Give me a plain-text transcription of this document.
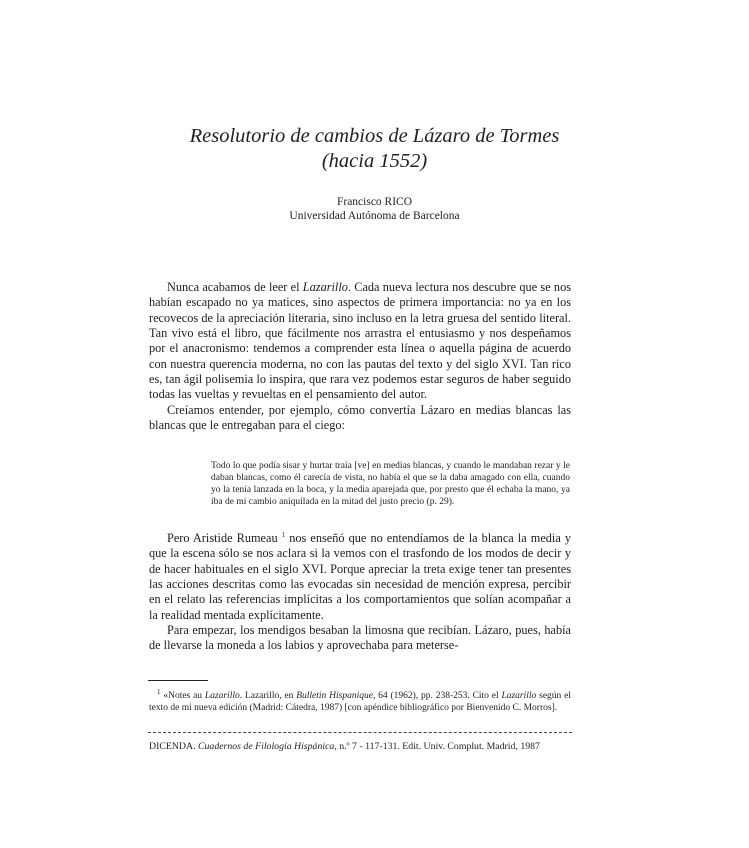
Resolutorio de cambios de Lázaro de Tormes
(hacia 1552)
Francisco RICO
Universidad Autónoma de Barcelona

Nunca acabamos de leer el Lazarillo. Cada nueva lectura nos descubre que se nos habían escapado no ya matices, sino aspectos de primera importancia: no ya en los recovecos de la apreciación literaria, sino incluso en la letra gruesa del sentido literal. Tan vivo está el libro, que fácilmente nos arrastra el entusiasmo y nos despeñamos por el anacronismo: tendemos a comprender esta línea o aquella página de acuerdo con nuestra querencia moderna, no con las pautas del texto y del siglo XVI. Tan rico es, tan ágil polisemia lo inspira, que rara vez podemos estar seguros de haber seguido todas las vueltas y revueltas en el pensamiento del autor.

Creíamos entender, por ejemplo, cómo convertía Lázaro en medias blancas las blancas que le entregaban para el ciego:

Todo lo que podía sisar y hurtar traía [ve] en medias blancas, y cuando le mandaban rezar y le daban blancas, como él carecía de vista, no había el que se la daba amagado con ella, cuando yo la tenía lanzada en la boca, y la media aparejada que, por presto que él echaba la mano, ya iba de mi cambio aniquilada en la mitad del justo precio (p. 29).

Pero Aristide Rumeau $^1$ nos enseñó que no entendíamos de la blanca la media y que la escena sólo se nos aclara si la vemos con el trasfondo de los modos de decir y de hacer habituales en el siglo XVI. Porque apreciar la treta exige tener tan presentes las acciones descritas como las evocadas sin necesidad de mención expresa, percibir en el relato las referencias implícitas a los comportamientos que solían acompañar a la realidad mentada explícitamente.

Para empezar, los mendigos besaban la limosna que recibían. Lázaro, pues, había de llevarse la moneda a los labios y aprovechaba para meterse-

$^1$ «Notes au Lazarillo. Lazarillo, en Bulletin Hispanique, 64 (1962), pp. 238-253. Cito el Lazarillo según el texto de mi nueva edición (Madrid: Cátedra, 1987) [con apéndice bibliográfico por Bienvenido C. Morros].

DICENDA. Cuadernos de Filología Hispánica, n.º 7 - 117-131. Edit. Univ. Complut. Madrid, 1987
